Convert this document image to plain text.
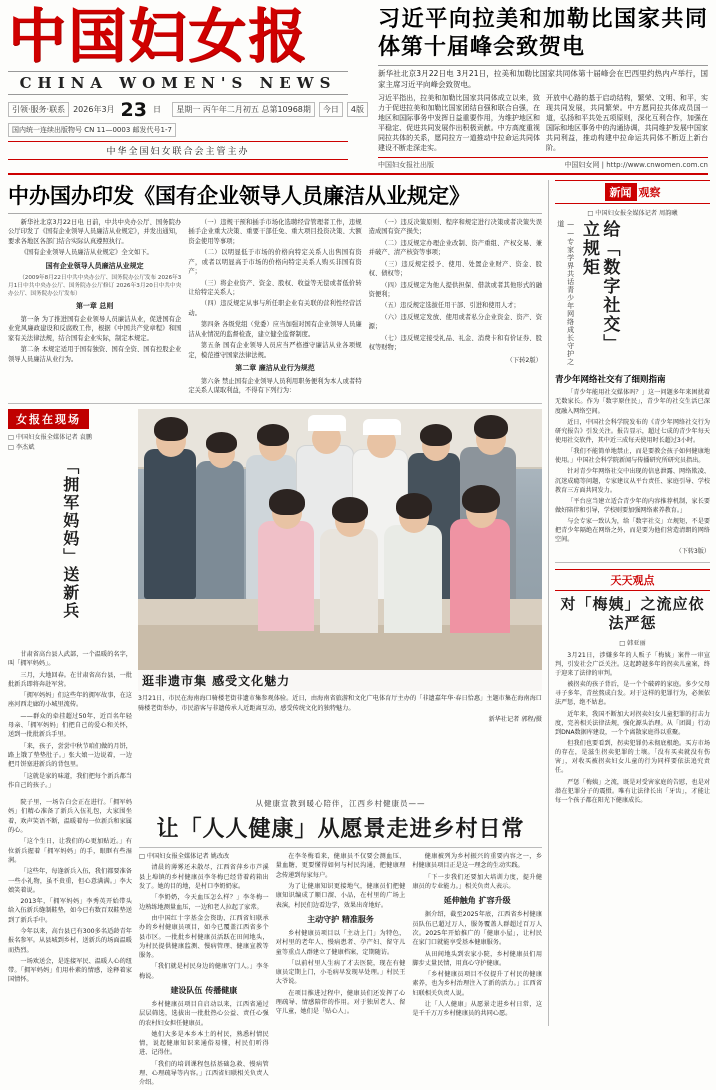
中国妇女报
CHINA WOMEN'S NEWS
引领·服务·联系	2026年3月 23 日	星期一 丙午年二月初五 总第10968期	今日	4版
国内统一连续出版物号 CN 11—0003 邮发代号1-7
中华全国妇女联合会主管主办
习近平向拉美和加勒比国家共同体第十届峰会致贺电
新华社北京3月22日电 3月21日，拉美和加勒比国家共同体第十届峰会在巴西里约热内卢举行，国家主席习近平向峰会致贺电。
习近平指出，拉美和加勒比国家共同体成立以来，致力于促进拉美和加勒比国家团结自强和联合自强，在地区和国际事务中发挥日益重要作用，为维护地区和平稳定、促进共同发展作出积极贡献。中方高度重视同拉共体的关系，愿同拉方一道推动中拉命运共同体建设不断走深走实。
开放中心路的基于启动结构，繁荣、文明、和平，实现共同发展，共同繁荣。中方愿同拉共体成员国一道，弘扬和平共处五项原则，深化互利合作，加强在国际和地区事务中的沟通协调，共同维护发展中国家共同利益，推动构建中拉命运共同体不断迈上新台阶。
中国妇女报社出版	中国妇女网 | http://www.cnwomen.com.cn
中办国办印发《国有企业领导人员廉洁从业规定》

新华社北京3月22日电 日前，中共中央办公厅、国务院办公厅印发了《国有企业领导人员廉洁从业规定》，并发出通知，要求各地区各部门结合实际认真遵照执行。

《国有企业领导人员廉洁从业规定》全文如下。

国有企业领导人员廉洁从业规定

（2009年8月22日中共中央办公厅、国务院办公厅发布 2026年3月1日中共中央办公厅、国务院办公厅修订 2026年3月20日中共中央办公厅、国务院办公厅发布）

第一章 总则

第一条 为了推进国有企业领导人员廉洁从业，促进国有企业党风廉政建设和反腐败工作，根据《中国共产党章程》和国家有关法律法规，结合国有企业实际，制定本规定。

第二条 本规定适用于国有独资、国有全资、国有控股企业领导人员廉洁从业行为。

（一）违规干预和插手市场化选聘经营管理者工作，违规插手企业重大决策、重要干部任免、重大项目投资决策、大额资金使用等事项；

（二）以明显低于市场的价格向特定关系人出售国有资产，或者以明显高于市场的价格向特定关系人购买非国有资产；

（三）将企业资产、资金、股权、收益等无偿或者低价转让给特定关系人；

（四）违反规定从事与所任职企业有关联的营利性经营活动。

第四条 各级党组（党委）应当加强对国有企业领导人员廉洁从业情况的监督检查，建立健全监督制度。

第五条 国有企业领导人员应当严格遵守廉洁从业各项规定，模范遵守国家法律法规。

第二章 廉洁从业行为规范

第六条 禁止国有企业领导人员利用职务便利为本人或者特定关系人谋取利益，不得有下列行为：

（一）违反决策原则、程序和规定进行决策或者决策失误造成国有资产损失；

（二）违反规定办理企业改制、资产重组、产权交易、兼并破产、清产核资等事项；

（三）违反规定授予、使用、处置企业财产、资金、股权、债权等；

（四）违反规定为他人提供担保、借款或者其他形式的融资便利；

（五）违反规定选拔任用干部、引进和使用人才；

（六）违反规定发放、使用或者私分企业资金、资产、资源；

（七）违反规定接受礼品、礼金、消费卡和有价证券、股权等财物；

（下转2版）

女报在现场
□ 中国妇女报全媒体记者 袁鹏
□ 李杰斌
「拥军妈妈」送新兵

甘肃省高台县人武部，一个温暖的名字，叫「拥军妈妈」。

三月，大地回春。在甘肃省高台县，一批批新兵即将奔赴军营。

「拥军妈妈」们这些年的拥军故事，在这座河西走廊的小城里流传。

——群众的牵挂超过50年，近百名年轻母亲、「拥军妈妈」们把自己的爱心和关怀，送到一批批新兵手里。

「来，孩子，尝尝中秋节咱们做的月饼，路上饿了垫垫肚子。」张大娘一边说着，一边把月饼塞进新兵的背包里。

「这就是家的味道，我们把每个新兵都当作自己的孩子。」

逛非遗市集 感受文化魅力
3月21日，市民在海南海口骑楼老街非遗市集参观体验。近日，由海南省旅游和文化广电体育厅主办的「非遗嘉年华·春日恰惠」主题市集在海南海口骑楼老街举办，市民游客与非遗传承人近距离互动，感受传统文化的独特魅力。
新华社记者 郭程/摄

院子里，一场告白会正在进行。「拥军妈妈」们精心准备了新兵入伍礼包，大家围坐着，欢声笑语不断，温暖着每一位新兵和家属的心。

「这个生日，让我们的心更加贴近。」有位新兵握着「拥军妈妈」的手，眼眶有些湿润。

「这些年，每逢新兵入伍，我们都要准备一些小礼物，虽不贵重，但心意满满。」李大娘笑着说。

2013年，「拥军妈妈」李秀英开始带头给入伍新兵缝制鞋垫，如今已有数百双鞋垫送到了新兵手中。

今年以来，高台县已有300多名适龄青年报名参军。从县城到乡村，送新兵的场面温暖而热烈。

一场欢送会，是连接军民、温暖人心的纽带。「拥军妈妈」们用朴素的情感，诠释着家国情怀。

从健康宣教到暖心陪伴，江西乡村健康员——
让「人人健康」从愿景走进乡村日常

□ 中国妇女报全媒体记者 姚改改

清晨的薄雾还未散尽，江西省萍乡市芦溪县上埠镇的乡村健康员李冬梅已经背着药箱出发了。她的目的地，是村口李奶奶家。

「李奶奶，今天血压怎么样？」李冬梅一边熟练地测量血压，一边和老人拉起了家常。

由中国红十字基金会资助、江西省妇联承办的乡村健康员项目，如今已覆盖江西省多个县市区。一批批乡村健康员活跃在田间地头，为村民提供健康监测、慢病管理、健康宣教等服务。

「我们就是村民身边的健康守门人。」李冬梅说。

建设队伍 传播健康

乡村健康员项目自启动以来，江西省通过层层筛选，选拔出一批批热心公益、责任心强的农村妇女担任健康员。

她们大多是本乡本土的村民，熟悉村情民情，说起健康知识来通俗易懂，村民们听得进、记得住。

「我们的培训课程包括基础急救、慢病管理、心理疏导等内容。」江西省妇联相关负责人介绍。

在李冬梅看来，健康员不仅要会测血压、量血糖，更要懂得如何与村民沟通，把健康理念传递到每家每户。

为了让健康知识更接地气，健康员们把健康知识编成了顺口溜、小品，在村里的广场上表演，村民们边看边学，效果出奇地好。

主动守护 精准服务

乡村健康员项目以「主动上门」为特色，对村里的老年人、慢病患者、孕产妇、留守儿童等重点人群建立了健康档案，定期随访。

「以前村里人生病了才去医院，现在有健康员定期上门，小毛病早发现早处理。」村民王大爷说。

在项目推进过程中，健康员们还发挥了心理疏导、情感陪伴的作用。对于独居老人、留守儿童，她们是「贴心人」。

健康被列为乡村振兴的重要内容之一，乡村健康员项目正是这一理念的生动实践。

「下一步我们还要加大培训力度，提升健康员的专业能力。」相关负责人表示。

延伸触角 扩容升级

据介绍，截至2025年底，江西省乡村健康员队伍已超过万人，服务覆盖人群超过百万人次。2025年开始推广的「健康小屋」，让村民在家门口就能享受基本健康服务。

从田间地头到农家小院，乡村健康员们用脚步丈量民情，用真心守护健康。

「乡村健康员项目不仅提升了村民的健康素养，也为乡村治理注入了新的活力。」江西省妇联相关负责人说。

让「人人健康」从愿景走进乡村日常，这是千千万万乡村健康员的共同心愿。

新闻 观察
□ 中国妇女报全媒体记者 周韵曦
——专家学界共话青少年网络成长守护之道	给「数字社交」立规矩

青少年网络社交有了细则指南

「青少年能用社交媒体吗？」这一问题多年来困扰着无数家长。作为「数字原住民」，青少年的社交生活已深度融入网络空间。

近日，中国社会科学院发布的《青少年网络社交行为研究报告》引发关注。报告显示，超过七成的青少年每天使用社交软件，其中近三成每天使用时长超过3小时。

「我们不能简单地禁止，而是要教会孩子如何健康地使用。」中国社会科学院新闻与传播研究所研究员指出。

针对青少年网络社交中出现的信息泄露、网络欺凌、沉迷成瘾等问题，专家建议从平台责任、家庭引导、学校教育三方面共同发力。

「平台应当建立适合青少年的内容推荐机制，家长要做好陪伴和引导，学校则要加强网络素养教育。」

与会专家一致认为，给「数字社交」立规矩，不是要把青少年隔绝在网络之外，而是要为他们营造清朗的网络空间。

（下转3版）

天天观点
对「梅姨」之流应依法严惩
□ 韩亚丽

3月21日，涉嫌多年的人贩子「梅姨」案件一审宣判，引发社会广泛关注。这起跨越多年的拐卖儿童案，终于迎来了法律的审判。

被拐卖的孩子背后，是一个个破碎的家庭。多少父母寻子多年，青丝熬成白发。对于这样的犯罪行为，必须依法严惩，绝不姑息。

近年来，我国不断加大对拐卖妇女儿童犯罪的打击力度，完善相关法律法规，强化源头治理。从「团圆」行动到DNA数据库建设，一个个离散家庭得以重聚。

但我们也要看到，拐卖犯罪仍未彻底根绝。买方市场的存在，是滋生拐卖犯罪的土壤。「没有买卖就没有伤害」，对收买被拐卖妇女儿童的行为同样要依法追究责任。

严惩「梅姨」之流，既是对受害家庭的告慰，也是对潜在犯罪分子的震慑。唯有让法律长出「牙齿」，才能让每一个孩子都在阳光下健康成长。
